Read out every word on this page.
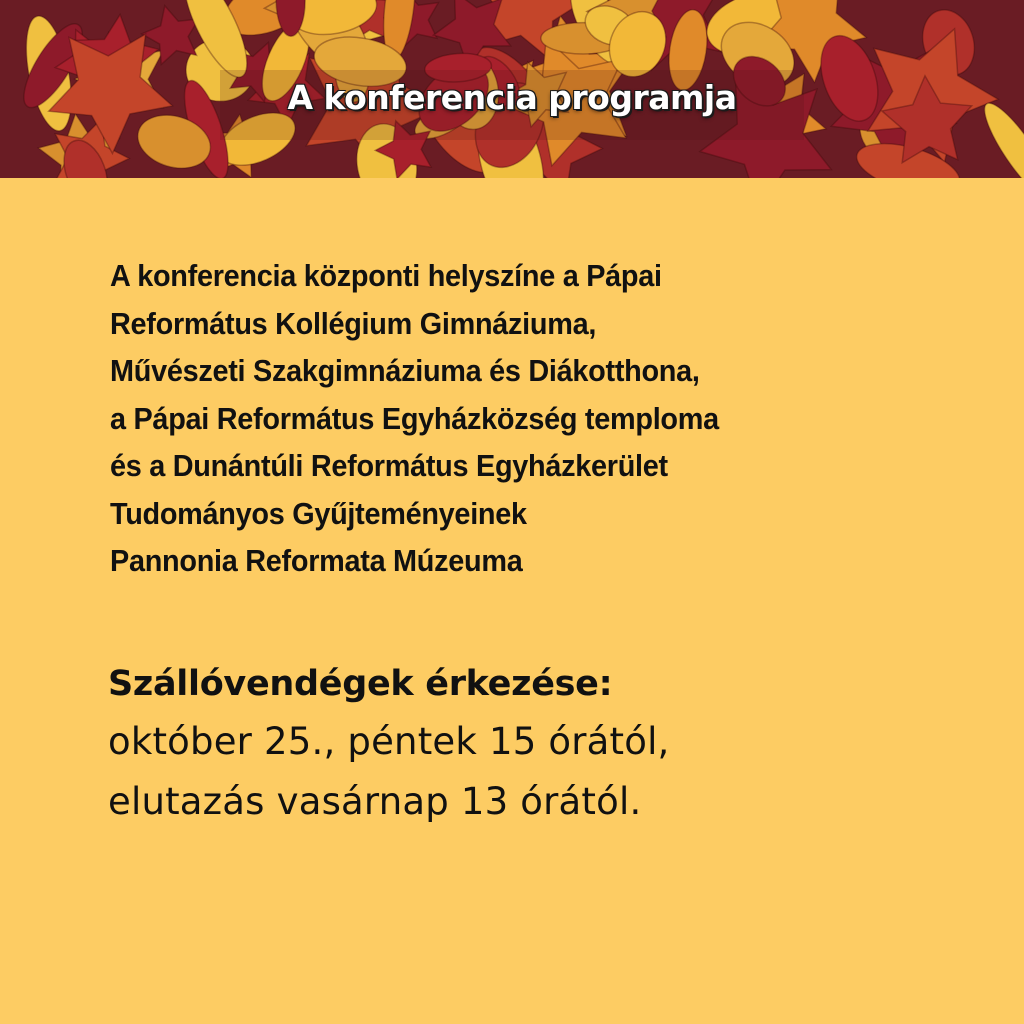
A konferencia programja
A konferencia központi helyszíne a Pápai
Református Kollégium Gimnáziuma,
Művészeti Szakgimnáziuma és Diákotthona,
a Pápai Református Egyházközség temploma
és a Dunántúli Református Egyházkerület
Tudományos Gyűjteményeinek
Pannonia Reformata Múzeuma
Szállóvendégek érkezése:
október 25., péntek 15 órától,
elutazás vasárnap 13 órától.
